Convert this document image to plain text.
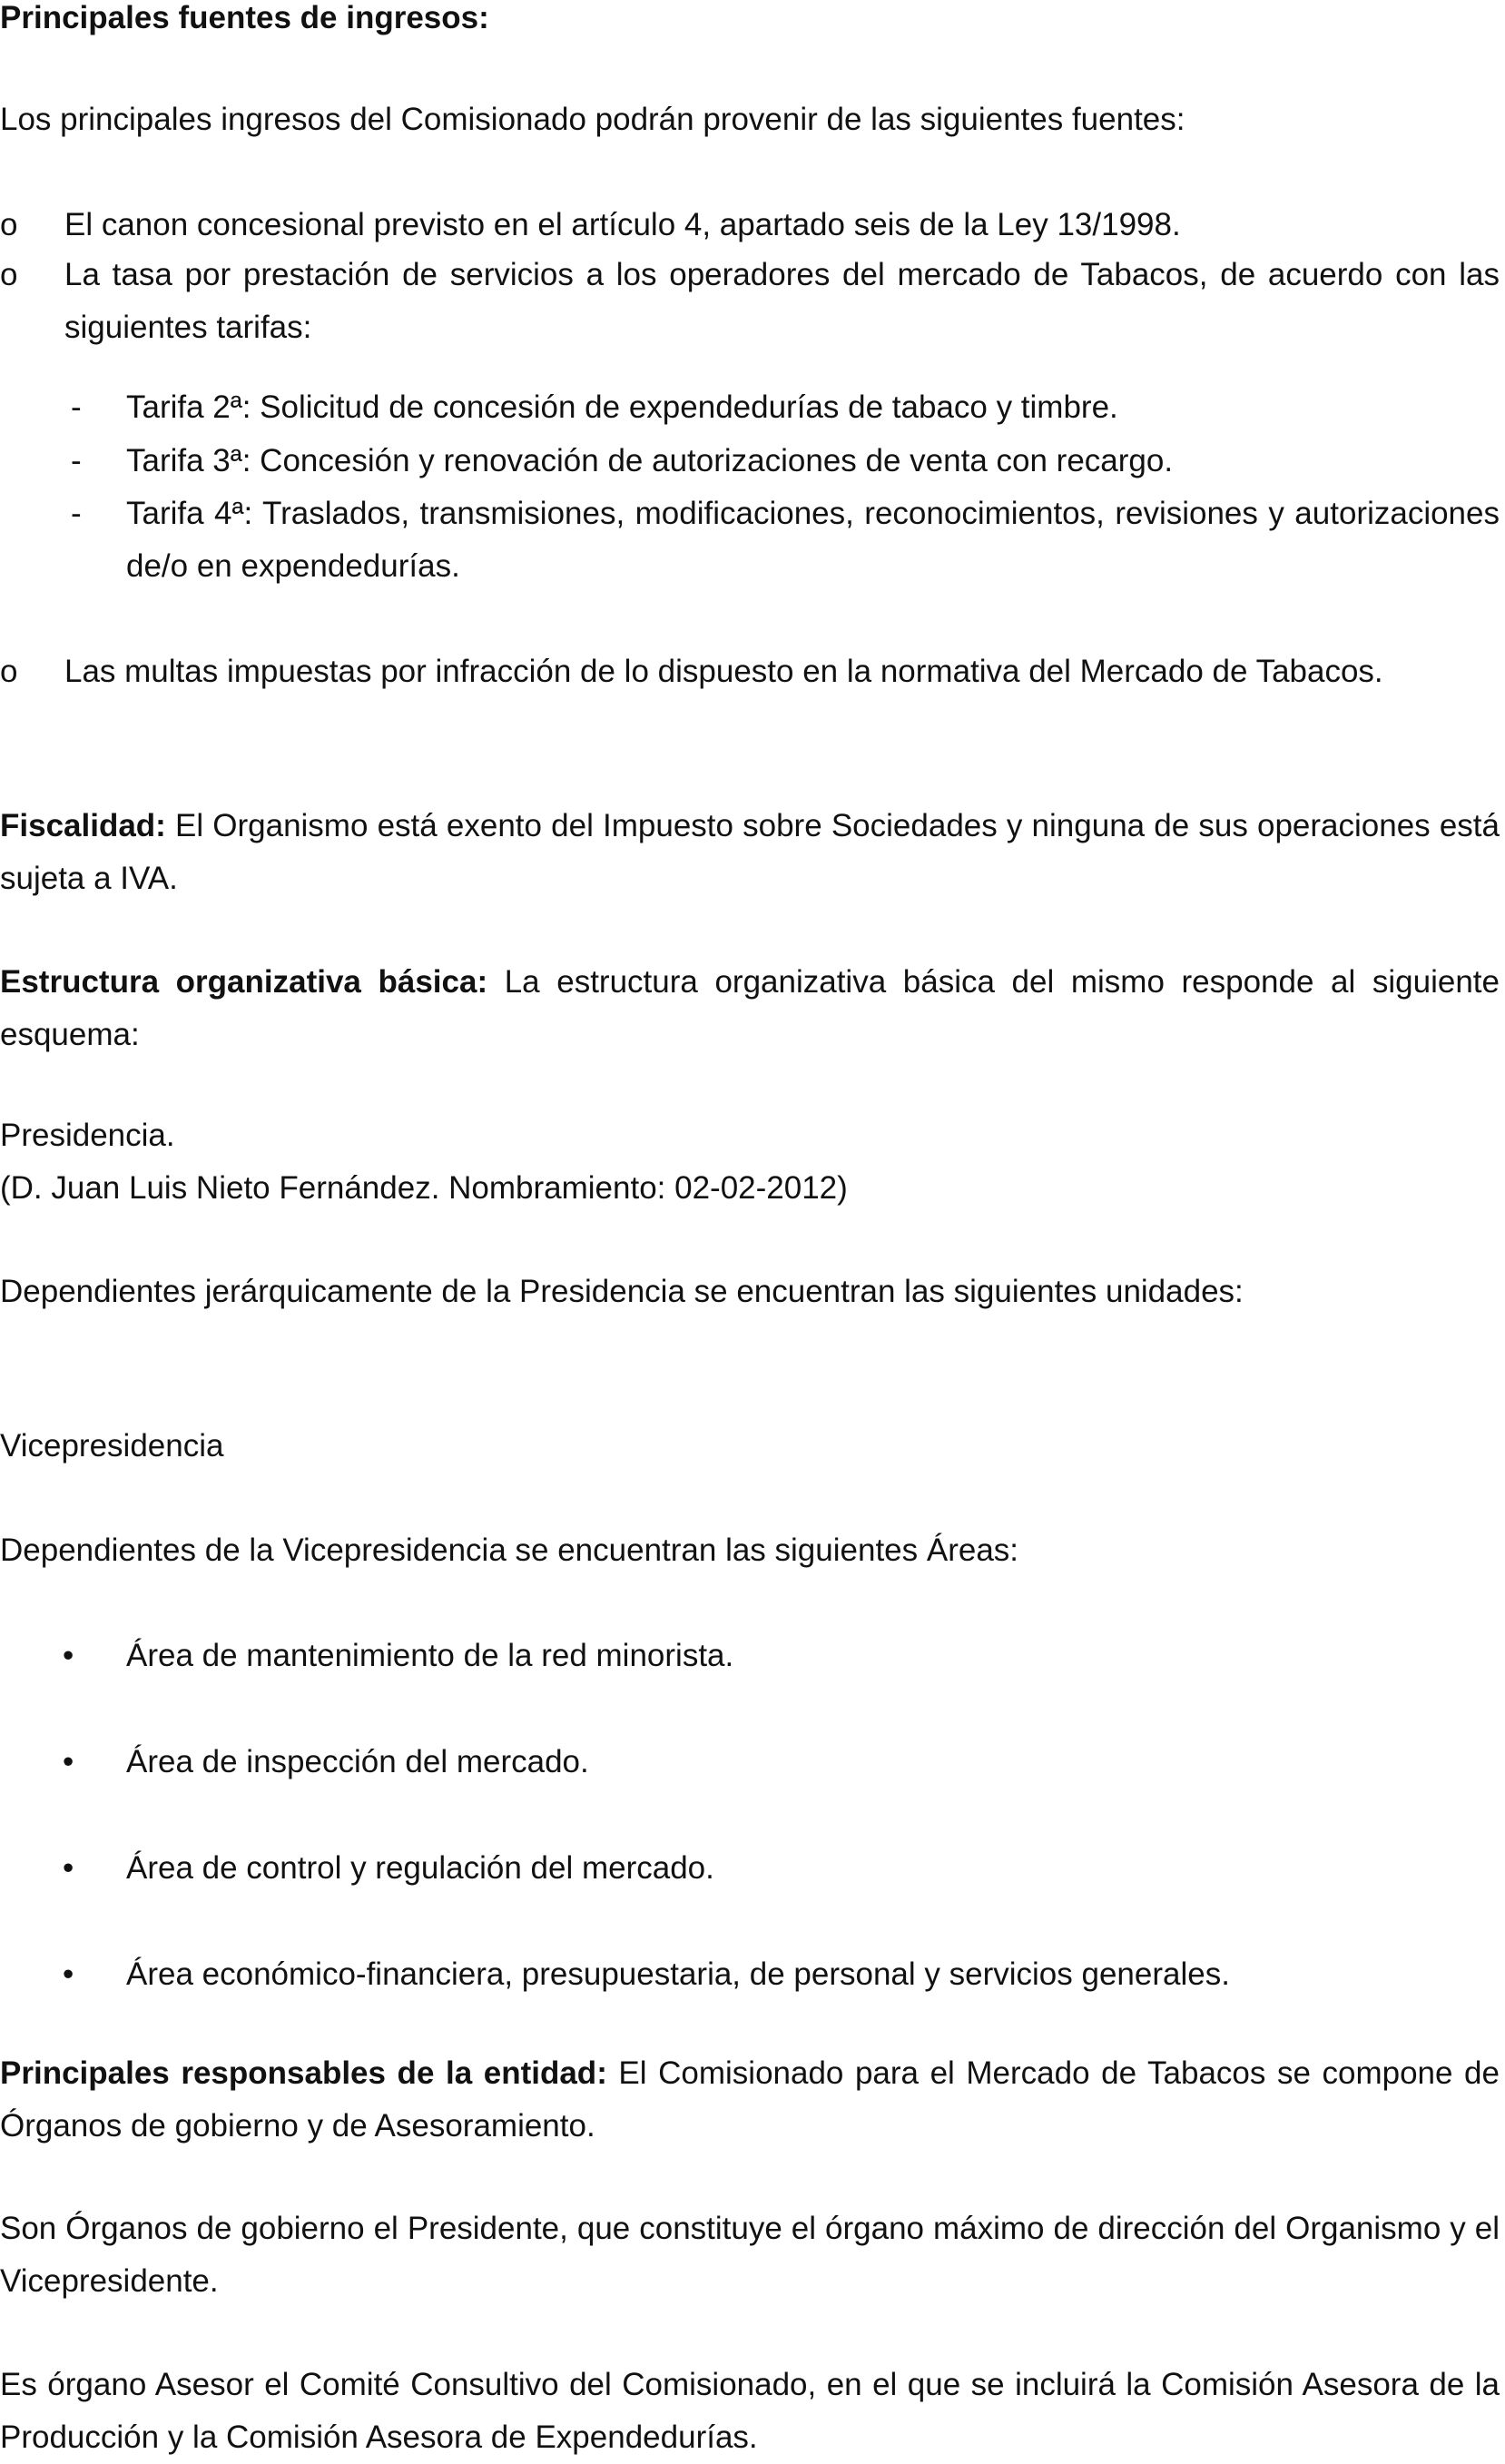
Principales fuentes de ingresos:

Los principales ingresos del Comisionado podrán provenir de las siguientes fuentes:

o El canon concesional previsto en el artículo 4, apartado seis de la Ley 13/1998.
o La tasa por prestación de servicios a los operadores del mercado de Tabacos, de acuerdo con las siguientes tarifas:
- Tarifa 2ª: Solicitud de concesión de expendedurías de tabaco y timbre.
- Tarifa 3ª: Concesión y renovación de autorizaciones de venta con recargo.
- Tarifa 4ª: Traslados, transmisiones, modificaciones, reconocimientos, revisiones y autorizaciones de/o en expendedurías.
o Las multas impuestas por infracción de lo dispuesto en la normativa del Mercado de Tabacos.

Fiscalidad: El Organismo está exento del Impuesto sobre Sociedades y ninguna de sus operaciones está sujeta a IVA.

Estructura organizativa básica: La estructura organizativa básica del mismo responde al siguiente esquema:

Presidencia.

(D. Juan Luis Nieto Fernández. Nombramiento: 02-02-2012)

Dependientes jerárquicamente de la Presidencia se encuentran las siguientes unidades:

Vicepresidencia

Dependientes de la Vicepresidencia se encuentran las siguientes Áreas:

• Área de mantenimiento de la red minorista.
• Área de inspección del mercado.
• Área de control y regulación del mercado.
• Área económico-financiera, presupuestaria, de personal y servicios generales.

Principales responsables de la entidad: El Comisionado para el Mercado de Tabacos se compone de Órganos de gobierno y de Asesoramiento.

Son Órganos de gobierno el Presidente, que constituye el órgano máximo de dirección del Organismo y el Vicepresidente.

Es órgano Asesor el Comité Consultivo del Comisionado, en el que se incluirá la Comisión Asesora de la Producción y la Comisión Asesora de Expendedurías.
